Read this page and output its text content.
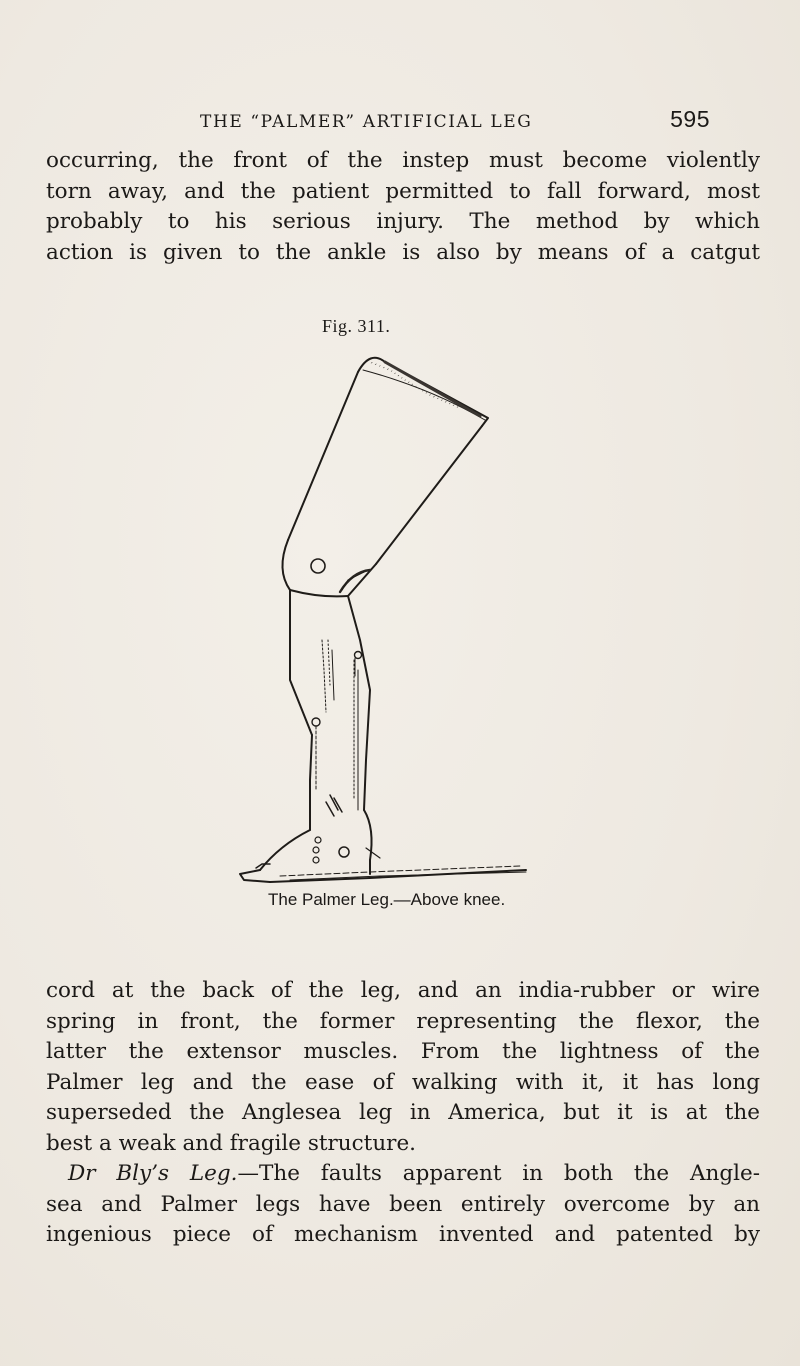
THE “PALMER” ARTIFICIAL LEG	595

occurring, the front of the instep must become violently
torn away, and the patient permitted to fall forward, most
probably to his serious injury. The method by which
action is given to the ankle is also by means of a catgut

Fig. 311.
The Palmer Leg.—Above knee.

cord at the back of the leg, and an india-rubber or wire
spring in front, the former representing the flexor, the
latter the extensor muscles. From the lightness of the
Palmer leg and the ease of walking with it, it has long
superseded the Anglesea leg in America, but it is at the
best a weak and fragile structure.
Dr Bly’s Leg.—The faults apparent in both the Angle-
sea and Palmer legs have been entirely overcome by an
ingenious piece of mechanism invented and patented by
